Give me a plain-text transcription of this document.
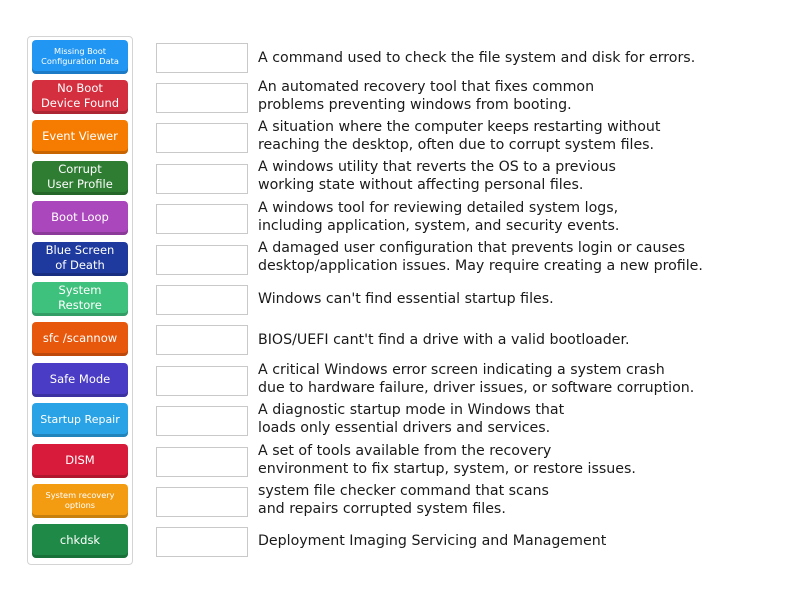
Missing Boot
Configuration Data
No Boot
Device Found
Event Viewer
Corrupt
User Profile
Boot Loop
Blue Screen
of Death
System
Restore
sfc /scannow
Safe Mode
Startup Repair
DISM
System recovery
options
chkdsk
A command used to check the file system and disk for errors.
An automated recovery tool that fixes common
problems preventing windows from booting.
A situation where the computer keeps restarting without
reaching the desktop, often due to corrupt system files.
A windows utility that reverts the OS to a previous
working state without affecting personal files.
A windows tool for reviewing detailed system logs,
including application, system, and security events.
A damaged user configuration that prevents login or causes
desktop/application issues. May require creating a new profile.
Windows can't find essential startup files.
BIOS/UEFI cant't find a drive with a valid bootloader.
A critical Windows error screen indicating a system crash
due to hardware failure, driver issues, or software corruption.
A diagnostic startup mode in Windows that
loads only essential drivers and services.
A set of tools available from the recovery
environment to fix startup, system, or restore issues.
system file checker command that scans
and repairs corrupted system files.
Deployment Imaging Servicing and Management
